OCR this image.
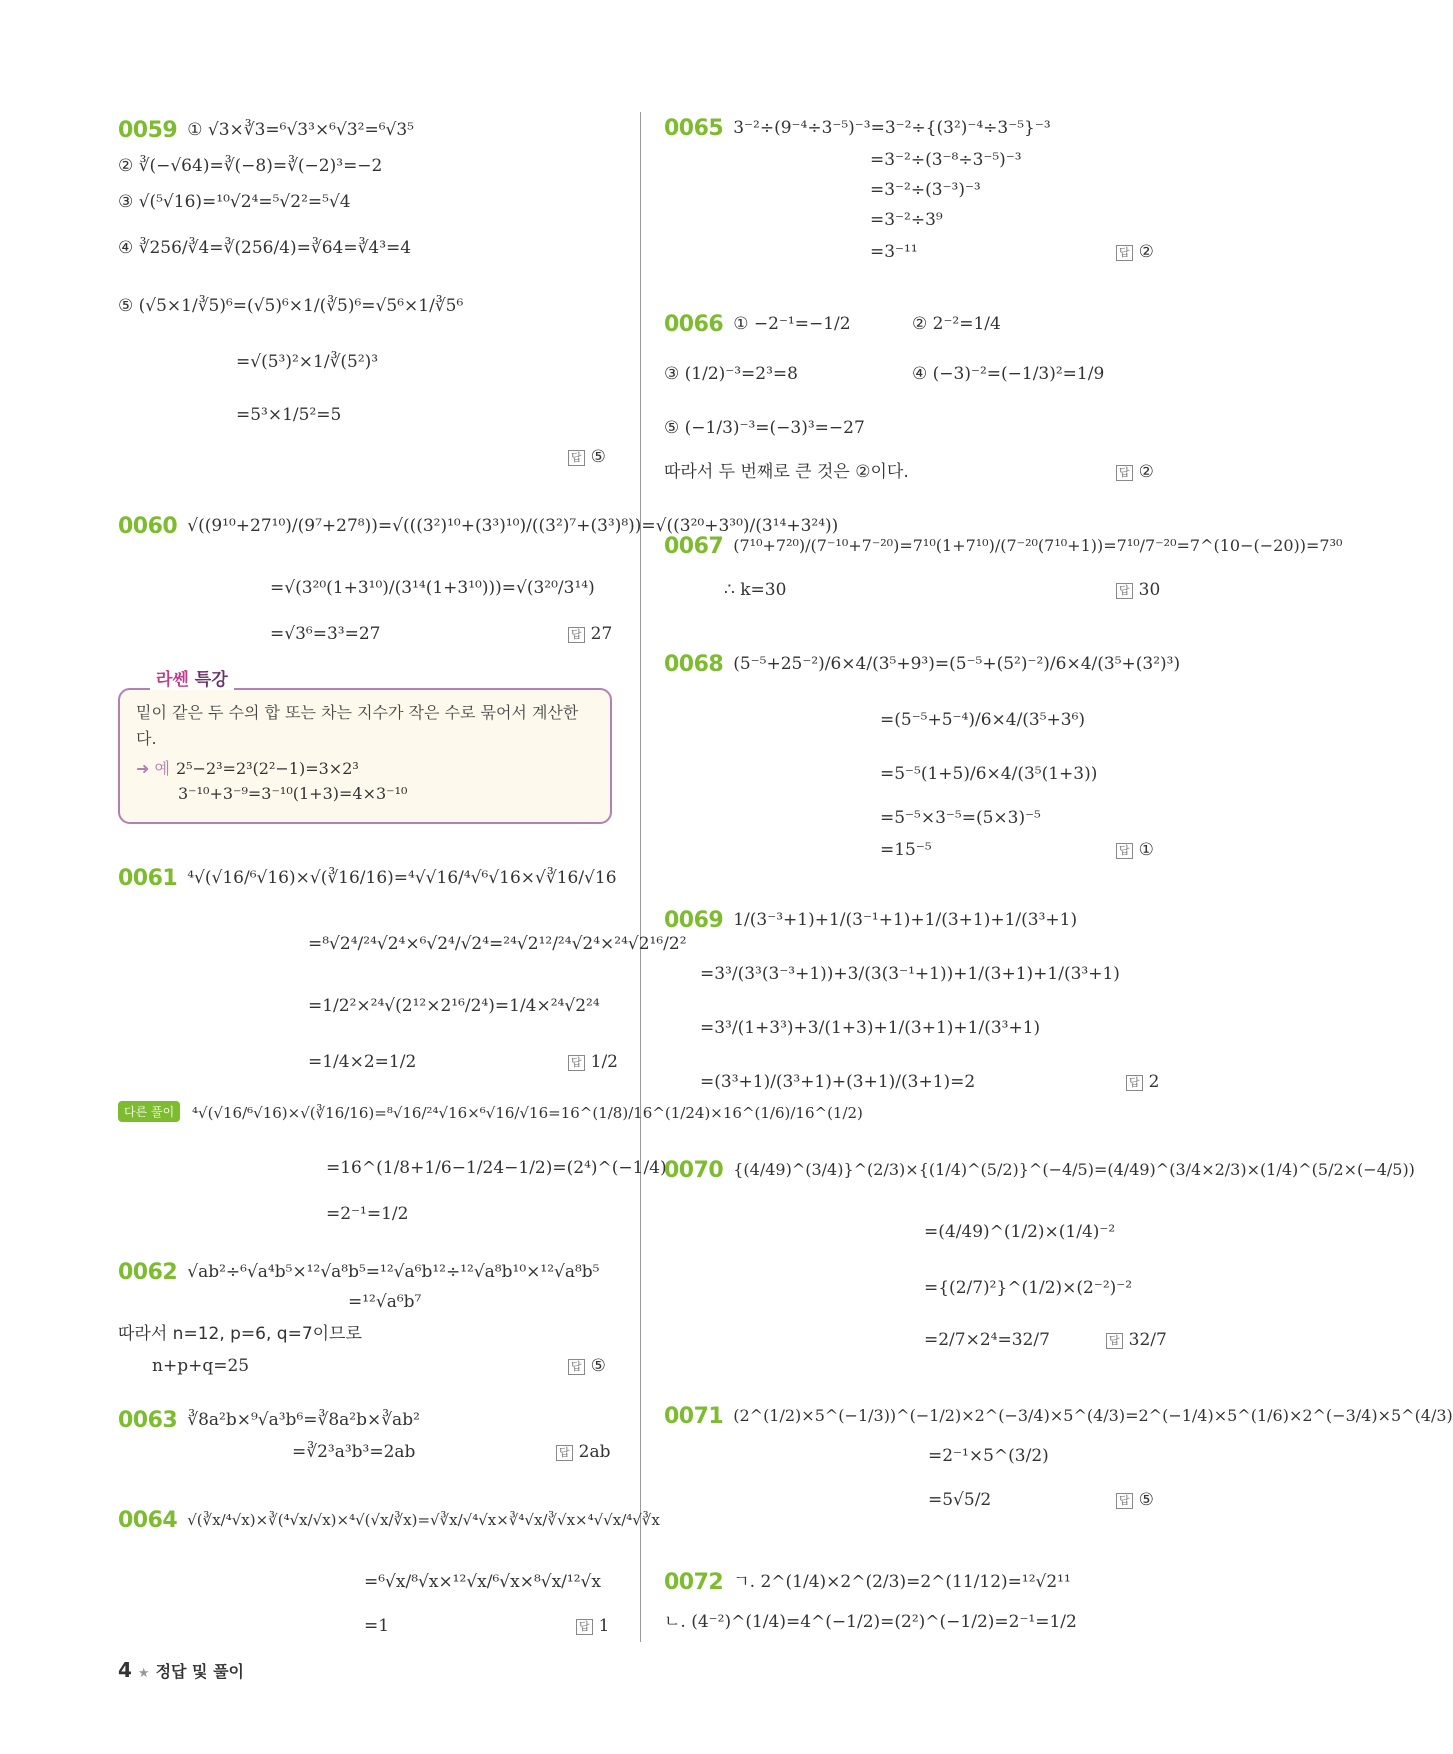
0059 ① √3×∛3=⁶√3³×⁶√3²=⁶√3⁵
② ∛(−√64)=∛(−8)=∛(−2)³=−2
③ √(⁵√16)=¹⁰√2⁴=⁵√2²=⁵√4
④ ∛256/∛4=∛(256/4)=∛64=∛4³=4
⑤ (√5×1/∛5)⁶=(√5)⁶×1/(∛5)⁶=√5⁶×1/∛5⁶
=√(5³)²×1/∛(5²)³
=5³×1/5²=5
답 ⑤
0060 √((9¹⁰+27¹⁰)/(9⁷+27⁸))=√(((3²)¹⁰+(3³)¹⁰)/((3²)⁷+(3³)⁸))=√((3²⁰+3³⁰)/(3¹⁴+3²⁴))
=√(3²⁰(1+3¹⁰)/(3¹⁴(1+3¹⁰)))=√(3²⁰/3¹⁴)
=√3⁶=3³=27	답 27
라쎈 특강
밑이 같은 두 수의 합 또는 차는 지수가 작은 수로 묶어서 계산한다.
➜ 예 2⁵−2³=2³(2²−1)=3×2³
3⁻¹⁰+3⁻⁹=3⁻¹⁰(1+3)=4×3⁻¹⁰
0061 ⁴√(√16/⁶√16)×√(∛16/16)=⁴√√16/⁴√⁶√16×√∛16/√16
=⁸√2⁴/²⁴√2⁴×⁶√2⁴/√2⁴=²⁴√2¹²/²⁴√2⁴×²⁴√2¹⁶/2²
=1/2²×²⁴√(2¹²×2¹⁶/2⁴)=1/4×²⁴√2²⁴
=1/4×2=1/2	답 1/2
다른 풀이	⁴√(√16/⁶√16)×√(∛16/16)=⁸√16/²⁴√16×⁶√16/√16=16^(1/8)/16^(1/24)×16^(1/6)/16^(1/2)
=16^(1/8+1/6−1/24−1/2)=(2⁴)^(−1/4)
=2⁻¹=1/2
0062 √ab²÷⁶√a⁴b⁵×¹²√a⁸b⁵=¹²√a⁶b¹²÷¹²√a⁸b¹⁰×¹²√a⁸b⁵
=¹²√a⁶b⁷
따라서 n=12, p=6, q=7이므로
n+p+q=25	답 ⑤
0063 ∛8a²b×⁹√a³b⁶=∛8a²b×∛ab²
=∛2³a³b³=2ab	답 2ab
0064 √(∛x/⁴√x)×∛(⁴√x/√x)×⁴√(√x/∛x)=√∛x/√⁴√x×∛⁴√x/∛√x×⁴√√x/⁴√∛x
=⁶√x/⁸√x×¹²√x/⁶√x×⁸√x/¹²√x
=1	답 1
0065 3⁻²÷(9⁻⁴÷3⁻⁵)⁻³=3⁻²÷{(3²)⁻⁴÷3⁻⁵}⁻³
=3⁻²÷(3⁻⁸÷3⁻⁵)⁻³
=3⁻²÷(3⁻³)⁻³
=3⁻²÷3⁹
=3⁻¹¹	답 ②
0066 ① −2⁻¹=−1/2	② 2⁻²=1/4
③ (1/2)⁻³=2³=8	④ (−3)⁻²=(−1/3)²=1/9
⑤ (−1/3)⁻³=(−3)³=−27
따라서 두 번째로 큰 것은 ②이다.	답 ②
0067 (7¹⁰+7²⁰)/(7⁻¹⁰+7⁻²⁰)=7¹⁰(1+7¹⁰)/(7⁻²⁰(7¹⁰+1))=7¹⁰/7⁻²⁰=7^(10−(−20))=7³⁰
∴ k=30	답 30
0068 (5⁻⁵+25⁻²)/6×4/(3⁵+9³)=(5⁻⁵+(5²)⁻²)/6×4/(3⁵+(3²)³)
=(5⁻⁵+5⁻⁴)/6×4/(3⁵+3⁶)
=5⁻⁵(1+5)/6×4/(3⁵(1+3))
=5⁻⁵×3⁻⁵=(5×3)⁻⁵
=15⁻⁵	답 ①
0069 1/(3⁻³+1)+1/(3⁻¹+1)+1/(3+1)+1/(3³+1)
=3³/(3³(3⁻³+1))+3/(3(3⁻¹+1))+1/(3+1)+1/(3³+1)
=3³/(1+3³)+3/(1+3)+1/(3+1)+1/(3³+1)
=(3³+1)/(3³+1)+(3+1)/(3+1)=2	답 2
0070 {(4/49)^(3/4)}^(2/3)×{(1/4)^(5/2)}^(−4/5)=(4/49)^(3/4×2/3)×(1/4)^(5/2×(−4/5))
=(4/49)^(1/2)×(1/4)⁻²
={(2/7)²}^(1/2)×(2⁻²)⁻²
=2/7×2⁴=32/7	답 32/7
0071 (2^(1/2)×5^(−1/3))^(−1/2)×2^(−3/4)×5^(4/3)=2^(−1/4)×5^(1/6)×2^(−3/4)×5^(4/3)
=2⁻¹×5^(3/2)
=5√5/2	답 ⑤
0072 ㄱ. 2^(1/4)×2^(2/3)=2^(11/12)=¹²√2¹¹
ㄴ. (4⁻²)^(1/4)=4^(−1/2)=(2²)^(−1/2)=2⁻¹=1/2
4 ★ 정답 및 풀이
